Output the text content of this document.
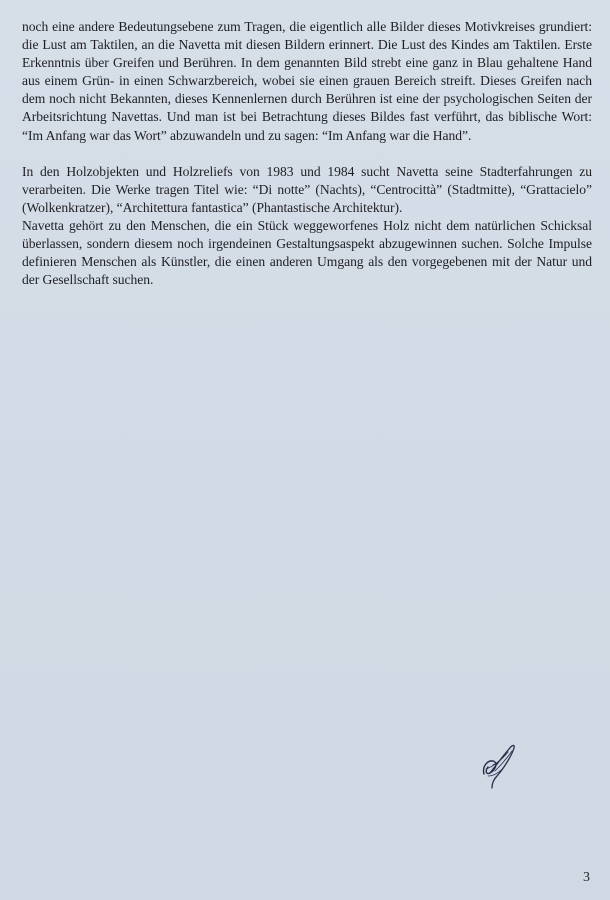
noch eine andere Bedeutungsebene zum Tragen, die eigentlich alle Bilder dieses Motivkreises grundiert: die Lust am Taktilen, an die Navetta mit diesen Bildern erinnert. Die Lust des Kindes am Taktilen. Erste Erkenntnis über Greifen und Berühren. In dem genannten Bild strebt eine ganz in Blau gehaltene Hand aus einem Grün- in einen Schwarzbereich, wobei sie einen grauen Bereich streift. Dieses Greifen nach dem noch nicht Bekannten, dieses Kennenlernen durch Berühren ist eine der psychologischen Seiten der Arbeitsrichtung Navettas. Und man ist bei Betrachtung dieses Bildes fast verführt, das biblische Wort: “Im Anfang war das Wort” abzuwandeln und zu sagen: “Im Anfang war die Hand”.

In den Holzobjekten und Holzreliefs von 1983 und 1984 sucht Navetta seine Stadterfahrungen zu verarbeiten. Die Werke tragen Titel wie: “Di notte” (Nachts), “Centrocittà” (Stadtmitte), “Grattacielo” (Wolkenkratzer), “Architettura fantastica” (Phantastische Architektur).

Navetta gehört zu den Menschen, die ein Stück weggeworfenes Holz nicht dem natürlichen Schicksal überlassen, sondern diesem noch irgendeinen Gestaltungsaspekt abzugewinnen suchen. Solche Impulse definieren Menschen als Künstler, die einen anderen Umgang als den vorgegebenen mit der Natur und der Gesellschaft suchen.

3
